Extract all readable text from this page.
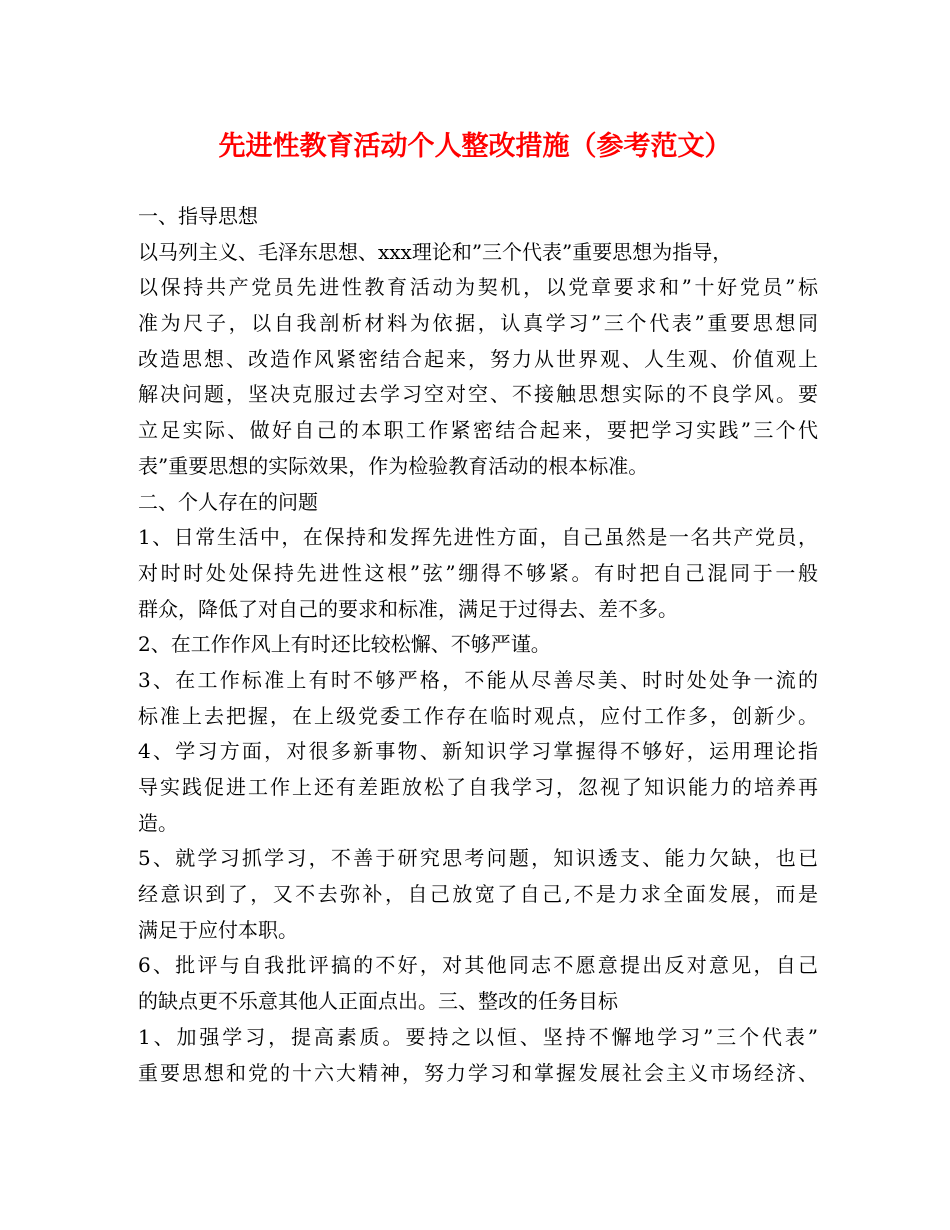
先进性教育活动个人整改措施（参考范文）
一、指导思想
以马列主义、毛泽东思想、xxx理论和”三个代表”重要思想为指导，
以保持共产党员先进性教育活动为契机，以党章要求和”十好党员”标
准为尺子，以自我剖析材料为依据，认真学习”三个代表”重要思想同
改造思想、改造作风紧密结合起来，努力从世界观、人生观、价值观上
解决问题，坚决克服过去学习空对空、不接触思想实际的不良学风。要
立足实际、做好自己的本职工作紧密结合起来，要把学习实践”三个代
表”重要思想的实际效果，作为检验教育活动的根本标准。
二、个人存在的问题
1、日常生活中，在保持和发挥先进性方面，自己虽然是一名共产党员，
对时时处处保持先进性这根”弦”绷得不够紧。有时把自己混同于一般
群众，降低了对自己的要求和标准，满足于过得去、差不多。
2、在工作作风上有时还比较松懈、不够严谨。
3、在工作标准上有时不够严格，不能从尽善尽美、时时处处争一流的
标准上去把握，在上级党委工作存在临时观点，应付工作多，创新少。
4、学习方面，对很多新事物、新知识学习掌握得不够好，运用理论指
导实践促进工作上还有差距放松了自我学习，忽视了知识能力的培养再
造。
5、就学习抓学习，不善于研究思考问题，知识透支、能力欠缺，也已
经意识到了，又不去弥补，自己放宽了自己,不是力求全面发展，而是
满足于应付本职。
6、批评与自我批评搞的不好，对其他同志不愿意提出反对意见，自己
的缺点更不乐意其他人正面点出。三、整改的任务目标
1、加强学习，提高素质。要持之以恒、坚持不懈地学习”三个代表”
重要思想和党的十六大精神，努力学习和掌握发展社会主义市场经济、
